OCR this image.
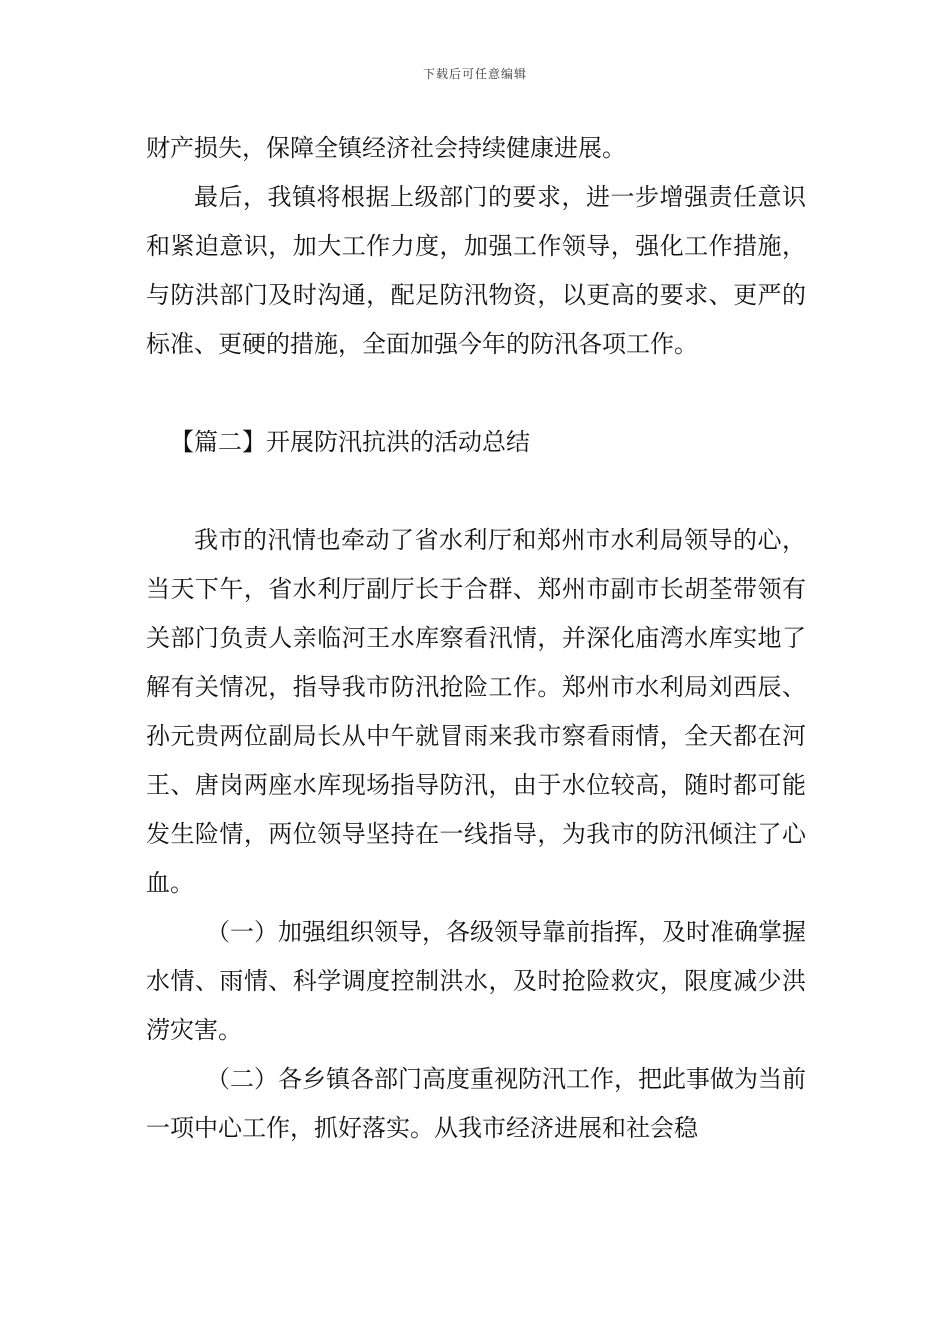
下载后可任意编辑

财产损失，保障全镇经济社会持续健康进展。

最后，我镇将根据上级部门的要求，进一步增强责任意识和紧迫意识，加大工作力度，加强工作领导，强化工作措施，与防洪部门及时沟通，配足防汛物资，以更高的要求、更严的标准、更硬的措施，全面加强今年的防汛各项工作。

【篇二】开展防汛抗洪的活动总结

我市的汛情也牵动了省水利厅和郑州市水利局领导的心，当天下午，省水利厅副厅长于合群、郑州市副市长胡荃带领有关部门负责人亲临河王水库察看汛情，并深化庙湾水库实地了解有关情况，指导我市防汛抢险工作。郑州市水利局刘西辰、孙元贵两位副局长从中午就冒雨来我市察看雨情，全天都在河王、唐岗两座水库现场指导防汛，由于水位较高，随时都可能发生险情，两位领导坚持在一线指导，为我市的防汛倾注了心血。

（一）加强组织领导，各级领导靠前指挥，及时准确掌握水情、雨情、科学调度控制洪水，及时抢险救灾，限度减少洪涝灾害。

（二）各乡镇各部门高度重视防汛工作，把此事做为当前一项中心工作，抓好落实。从我市经济进展和社会稳
